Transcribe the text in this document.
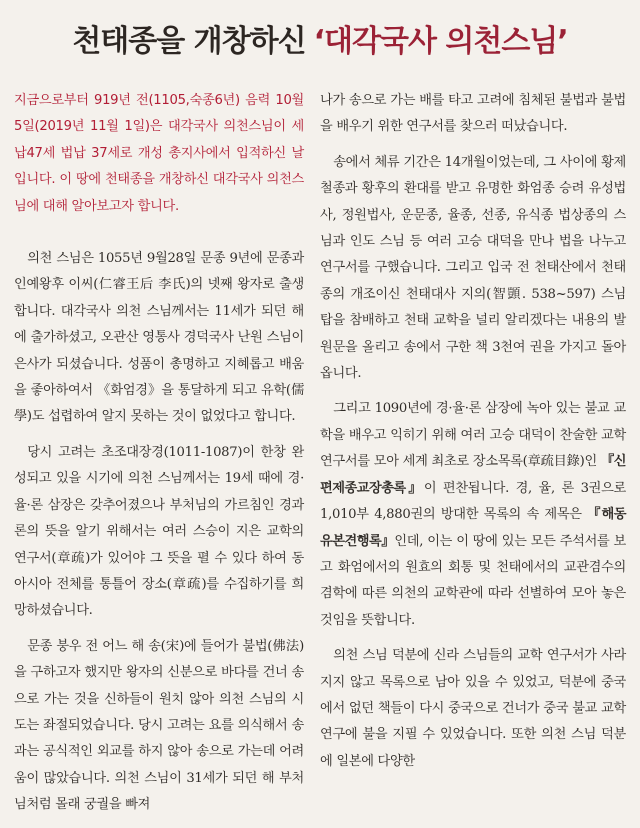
천태종을 개창하신 ‘대각국사 의천스님’

지금으로부터 919년 전(1105,숙종6년) 음력 10월 5일(2019년 11월 1일)은 대각국사 의천스님이 세납47세 법납 37세로 개성 총지사에서 입적하신 날입니다. 이 땅에 천태종을 개창하신 대각국사 의천스님에 대해 알아보고자 합니다.

의천 스님은 1055년 9월28일 문종 9년에 문종과 인예왕후 이씨(仁睿王后 李氏)의 넷째 왕자로 출생합니다. 대각국사 의천 스님께서는 11세가 되던 해에 출가하셨고, 오관산 영통사 경덕국사 난원 스님이 은사가 되셨습니다. 성품이 총명하고 지혜롭고 배움을 좋아하여서 《화엄경》을 통달하게 되고 유학(儒學)도 섭렵하여 알지 못하는 것이 없었다고 합니다.

당시 고려는 초조대장경(1011-1087)이 한창 완성되고 있을 시기에 의천 스님께서는 19세 때에 경·율·론 삼장은 갖추어졌으나 부처님의 가르침인 경과 론의 뜻을 알기 위해서는 여러 스승이 지은 교학의 연구서(章疏)가 있어야 그 뜻을 펼 수 있다 하여 동아시아 전체를 통틀어 장소(章疏)를 수집하기를 희망하셨습니다.

문종 붕우 전 어느 해 송(宋)에 들어가 불법(佛法)을 구하고자 했지만 왕자의 신분으로 바다를 건너 송으로 가는 것을 신하들이 원치 않아 의천 스님의 시도는 좌절되었습니다. 당시 고려는 요를 의식해서 송과는 공식적인 외교를 하지 않아 송으로 가는데 어려움이 많았습니다. 의천 스님이 31세가 되던 해 부처님처럼 몰래 궁궐을 빠져

나가 송으로 가는 배를 타고 고려에 침체된 불법과 불법을 배우기 위한 연구서를 찾으러 떠났습니다.

송에서 체류 기간은 14개월이었는데, 그 사이에 황제 철종과 황후의 환대를 받고 유명한 화엄종 승려 유성법사, 정원법사, 운문종, 율종, 선종, 유식종 법상종의 스님과 인도 스님 등 여러 고승 대덕을 만나 법을 나누고 연구서를 구했습니다. 그리고 입국 전 천태산에서 천태종의 개조이신 천태대사 지의(智顗. 538~597) 스님 탑을 참배하고 천태 교학을 널리 알리겠다는 내용의 발원문을 올리고 송에서 구한 책 3천여 권을 가지고 돌아옵니다.

그리고 1090년에 경·율·론 삼장에 녹아 있는 불교 교학을 배우고 익히기 위해 여러 고승 대덕이 찬술한 교학 연구서를 모아 세계 최초로 장소목록(章疏目錄)인 『신편제종교장총록』이 편찬됩니다. 경, 율, 론 3권으로 1,010부 4,880권의 방대한 목록의 속 제목은 『해동유본견행록』인데, 이는 이 땅에 있는 모든 주석서를 보고 화엄에서의 원효의 회통 및 천태에서의 교관겸수의 겸학에 따른 의천의 교학관에 따라 선별하여 모아 놓은 것임을 뜻합니다.

의천 스님 덕분에 신라 스님들의 교학 연구서가 사라지지 않고 목록으로 남아 있을 수 있었고, 덕분에 중국에서 없던 책들이 다시 중국으로 건너가 중국 불교 교학 연구에 불을 지필 수 있었습니다. 또한 의천 스님 덕분에 일본에 다양한
